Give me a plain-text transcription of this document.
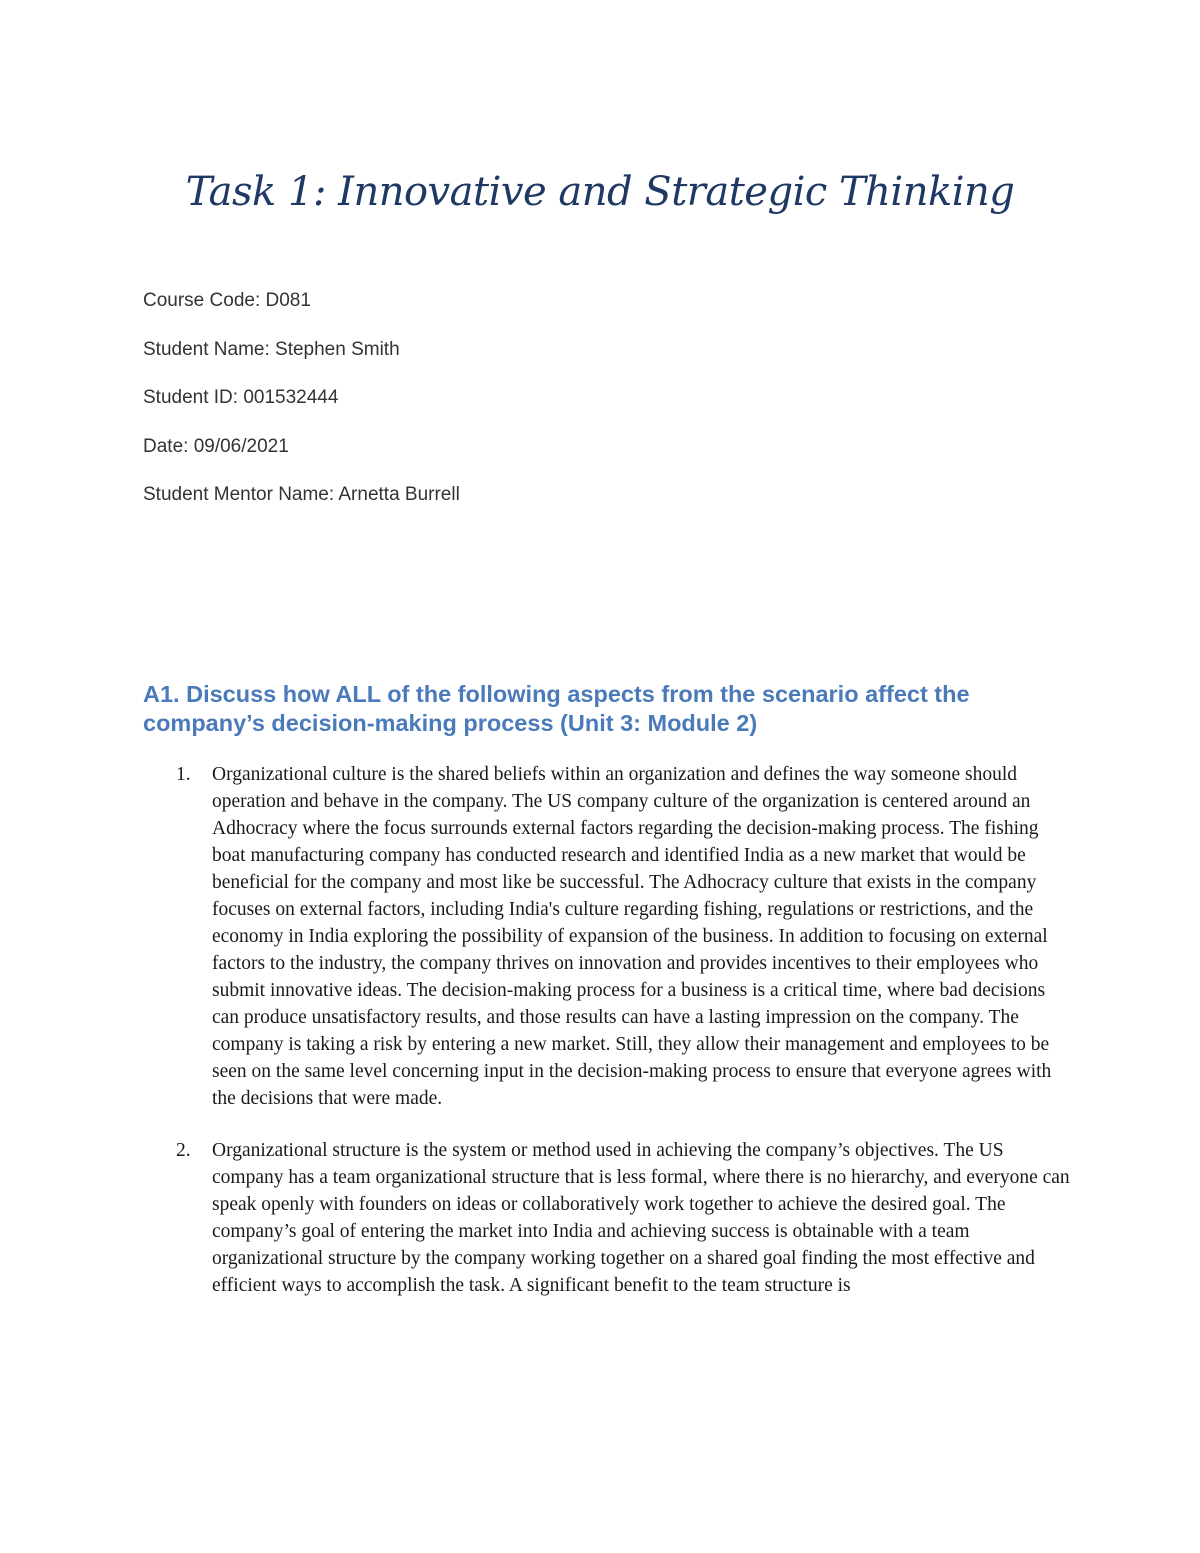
Task 1: Innovative and Strategic Thinking
Course Code: D081
Student Name: Stephen Smith
Student ID: 001532444
Date: 09/06/2021
Student Mentor Name: Arnetta Burrell
A1. Discuss how ALL of the following aspects from the scenario affect the company’s decision-making process (Unit 3: Module 2)
1. Organizational culture is the shared beliefs within an organization and defines the way someone should operation and behave in the company. The US company culture of the organization is centered around an Adhocracy where the focus surrounds external factors regarding the decision-making process. The fishing boat manufacturing company has conducted research and identified India as a new market that would be beneficial for the company and most like be successful. The Adhocracy culture that exists in the company focuses on external factors, including India's culture regarding fishing, regulations or restrictions, and the economy in India exploring the possibility of expansion of the business. In addition to focusing on external factors to the industry, the company thrives on innovation and provides incentives to their employees who submit innovative ideas. The decision-making process for a business is a critical time, where bad decisions can produce unsatisfactory results, and those results can have a lasting impression on the company. The company is taking a risk by entering a new market. Still, they allow their management and employees to be seen on the same level concerning input in the decision-making process to ensure that everyone agrees with the decisions that were made.
2. Organizational structure is the system or method used in achieving the company’s objectives. The US company has a team organizational structure that is less formal, where there is no hierarchy, and everyone can speak openly with founders on ideas or collaboratively work together to achieve the desired goal. The company’s goal of entering the market into India and achieving success is obtainable with a team organizational structure by the company working together on a shared goal finding the most effective and efficient ways to accomplish the task. A significant benefit to the team structure is
